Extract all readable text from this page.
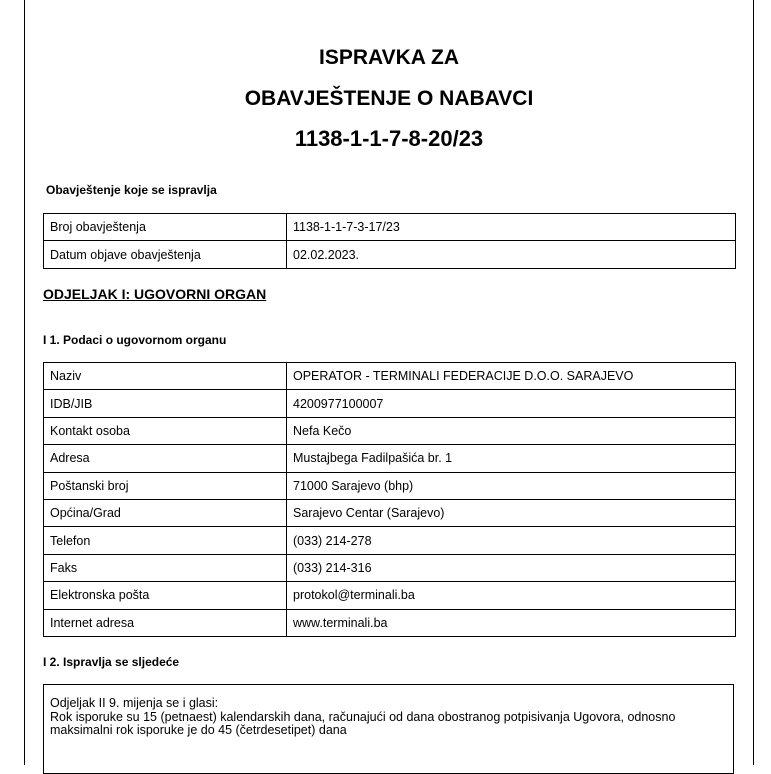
ISPRAVKA ZA
OBAVJEŠTENJE O NABAVCI
1138-1-1-7-8-20/23
Obavještenje koje se ispravlja
Broj obavještenja	1138-1-1-7-3-17/23
Datum objave obavještenja	02.02.2023.
ODJELJAK I: UGOVORNI ORGAN
I 1. Podaci o ugovornom organu
Naziv	OPERATOR - TERMINALI FEDERACIJE D.O.O. SARAJEVO
IDB/JIB	4200977100007
Kontakt osoba	Nefa Kečo
Adresa	Mustajbega Fadilpašića br. 1
Poštanski broj	71000 Sarajevo (bhp)
Općina/Grad	Sarajevo Centar (Sarajevo)
Telefon	(033) 214-278
Faks	(033) 214-316
Elektronska pošta	protokol@terminali.ba
Internet adresa	www.terminali.ba
I 2. Ispravlja se sljedeće
Odjeljak II 9. mijenja se i glasi:
Rok isporuke su 15 (petnaest) kalendarskih dana, računajući od dana obostranog potpisivanja Ugovora, odnosno
maksimalni rok isporuke je do 45 (četrdesetipet) dana
